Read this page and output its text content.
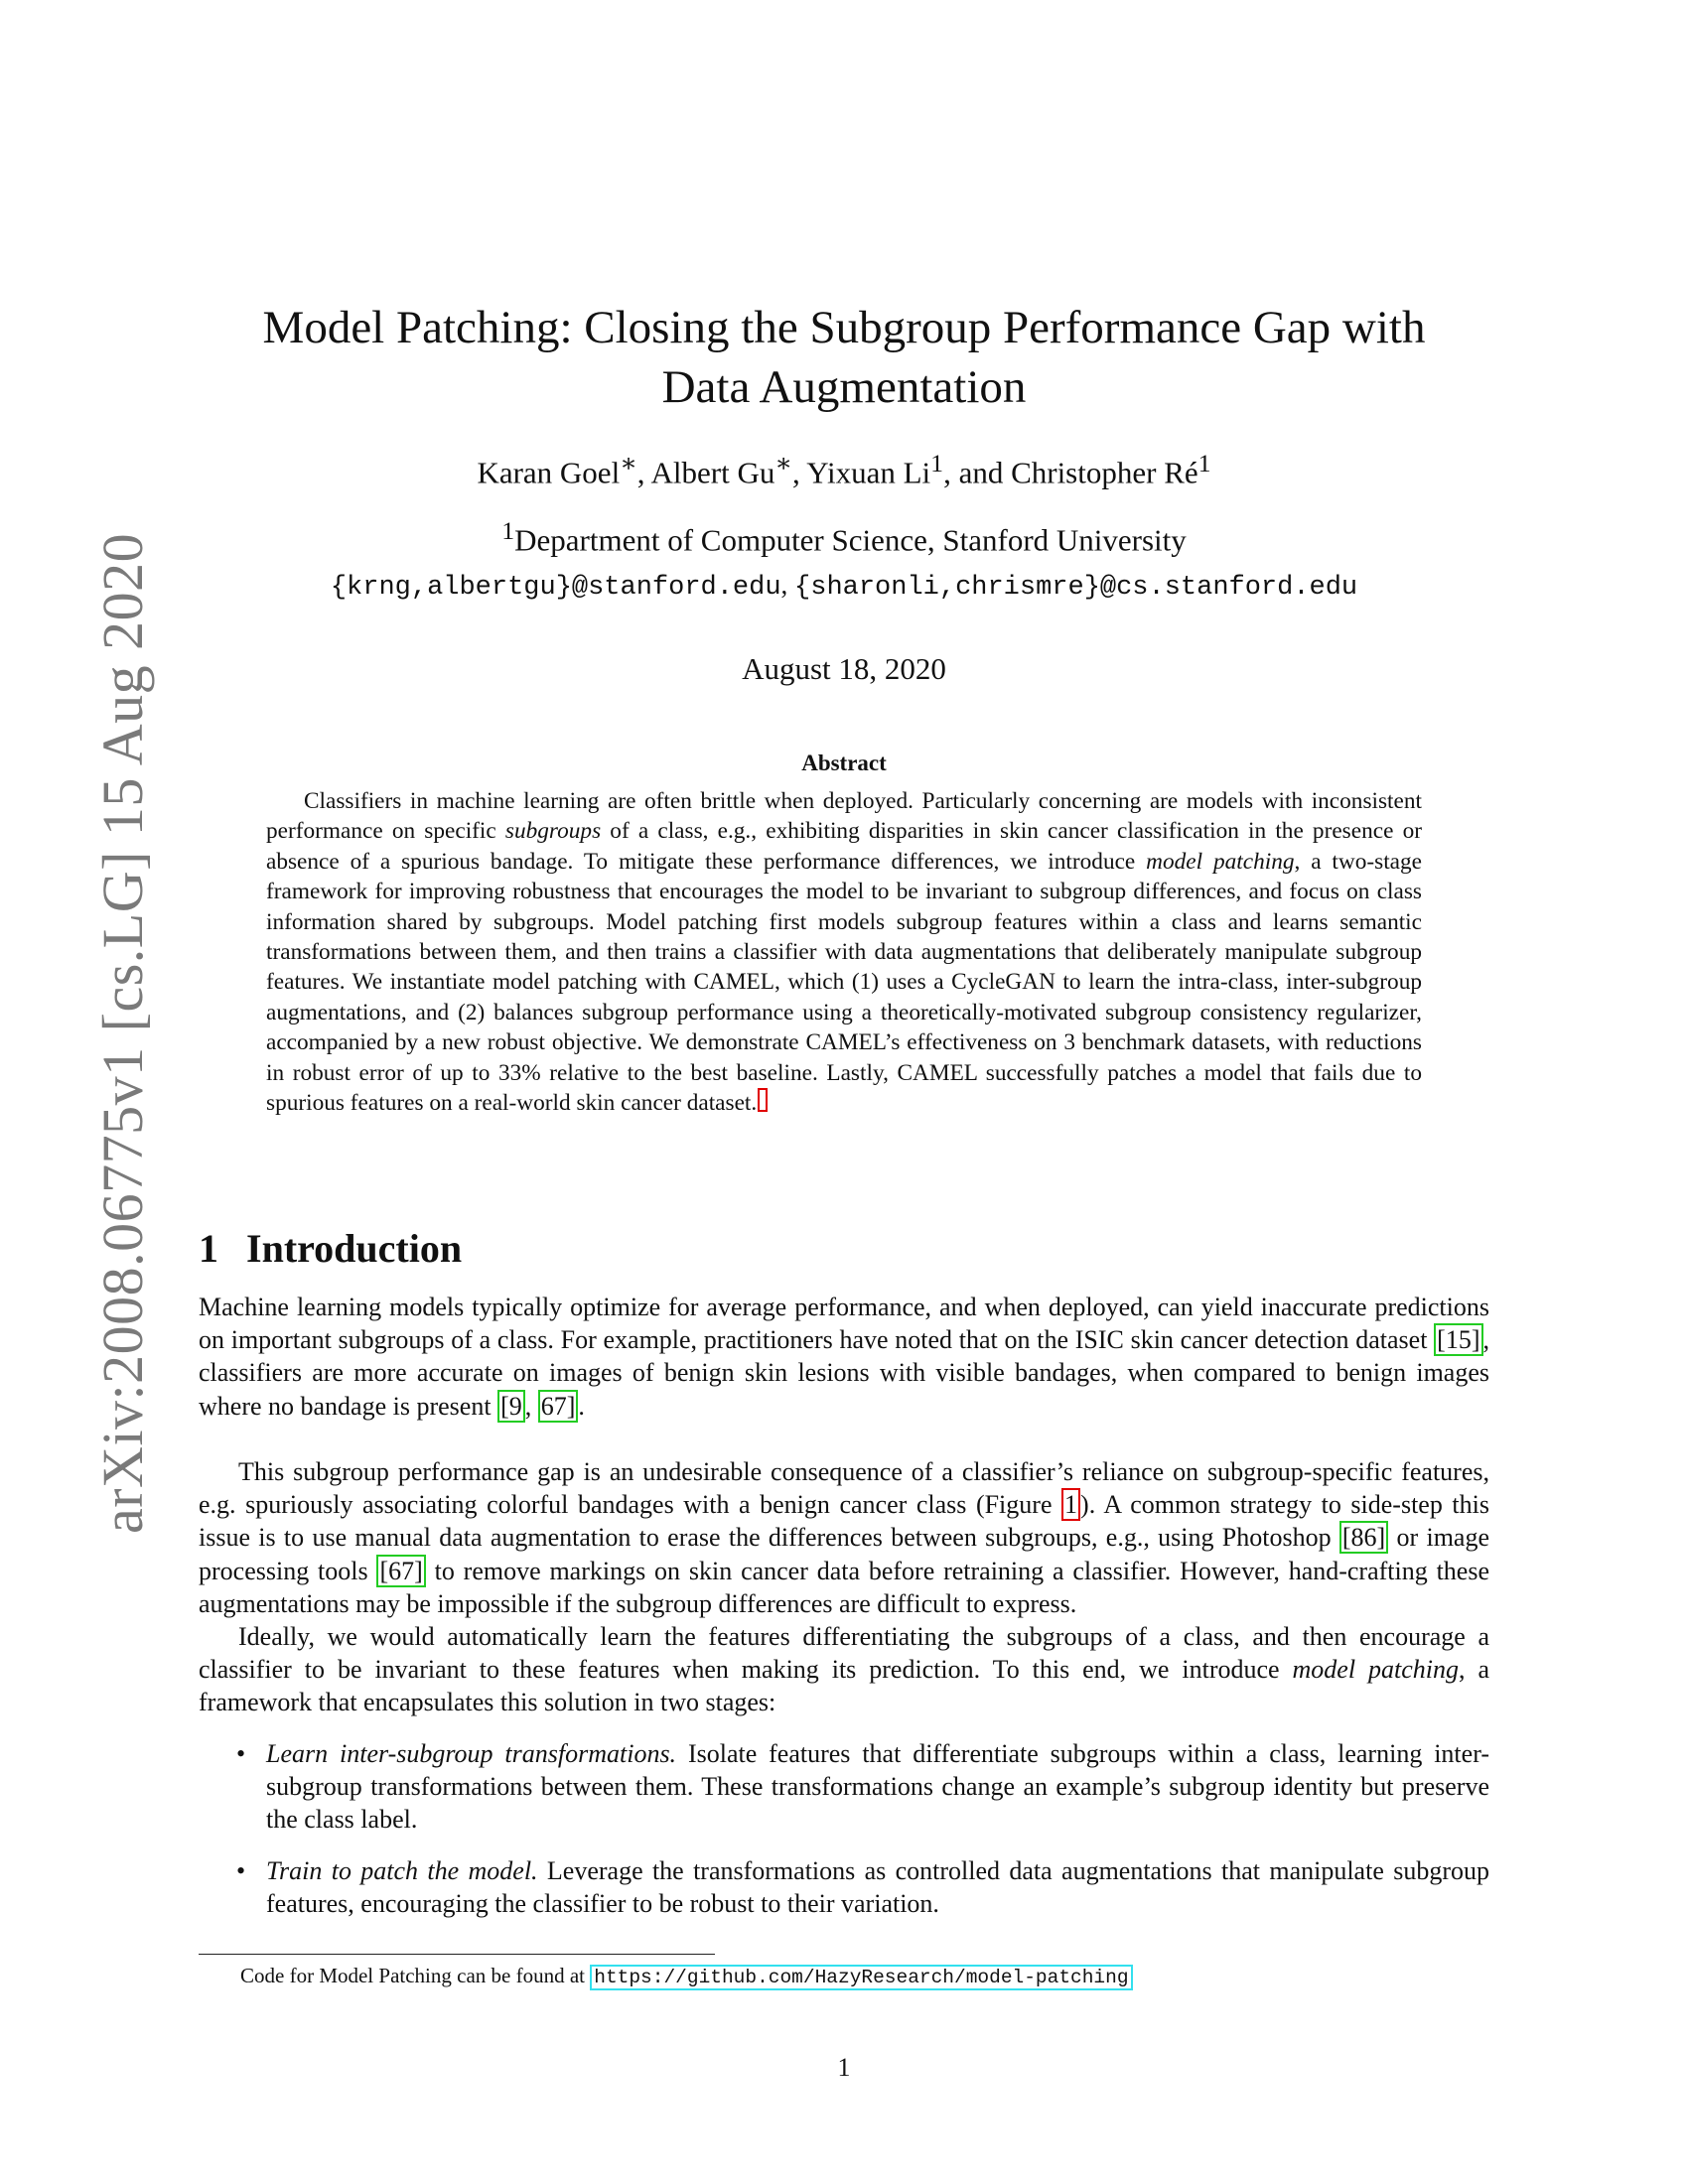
arXiv:2008.06775v1 [cs.LG] 15 Aug 2020
Model Patching: Closing the Subgroup Performance Gap with
Data Augmentation
Karan Goel∗, Albert Gu∗, Yixuan Li$^1$, and Christopher $Ré^1$
$^1$Department of Computer Science, Stanford University
{krng,albertgu}@stanford.edu, {sharonli,chrismre}@cs.stanford.edu
August 18, 2020
Abstract

Classifiers in machine learning are often brittle when deployed. Particularly concerning are models with inconsistent performance on specific subgroups of a class, e.g., exhibiting disparities in skin cancer classification in the presence or absence of a spurious bandage. To mitigate these performance differences, we introduce model patching, a two-stage framework for improving robustness that encourages the model to be invariant to subgroup differences, and focus on class information shared by subgroups. Model patching first models subgroup features within a class and learns semantic transformations between them, and then trains a classifier with data augmentations that deliberately manipulate subgroup features. We instantiate model patching with CAMEL, which (1) uses a CycleGAN to learn the intra-class, inter-subgroup augmentations, and (2) balances subgroup performance using a theoretically-motivated subgroup consistency regularizer, accompanied by a new robust objective. We demonstrate CAMEL’s effectiveness on 3 benchmark datasets, with reductions in robust error of up to 33% relative to the best baseline. Lastly, CAMEL successfully patches a model that fails due to spurious features on a real-world skin cancer dataset.

1 Introduction

Machine learning models typically optimize for average performance, and when deployed, can yield inaccurate predictions on important subgroups of a class. For example, practitioners have noted that on the ISIC skin cancer detection dataset [15] , classifiers are more accurate on images of benign skin lesions with visible bandages, when compared to benign images where no bandage is present [9 , 67] .

This subgroup performance gap is an undesirable consequence of a classifier’s reliance on subgroup-specific features, e.g. spuriously associating colorful bandages with a benign cancer class (Figure 1 ). A common strategy to side-step this issue is to use manual data augmentation to erase the differences between subgroups, e.g., using Photoshop [86] or image processing tools [67] to remove markings on skin cancer data before retraining a classifier. However, hand-crafting these augmentations may be impossible if the subgroup differences are difficult to express.

Ideally, we would automatically learn the features differentiating the subgroups of a class, and then encourage a classifier to be invariant to these features when making its prediction. To this end, we introduce model patching, a framework that encapsulates this solution in two stages:

• Learn inter-subgroup transformations. Isolate features that differentiate subgroups within a class, learning inter-subgroup transformations between them. These transformations change an example’s subgroup identity but preserve the class label.
• Train to patch the model. Leverage the transformations as controlled data augmentations that manipulate subgroup features, encouraging the classifier to be robust to their variation.
Code for Model Patching can be found at https://github.com/HazyResearch/model-patching
1
